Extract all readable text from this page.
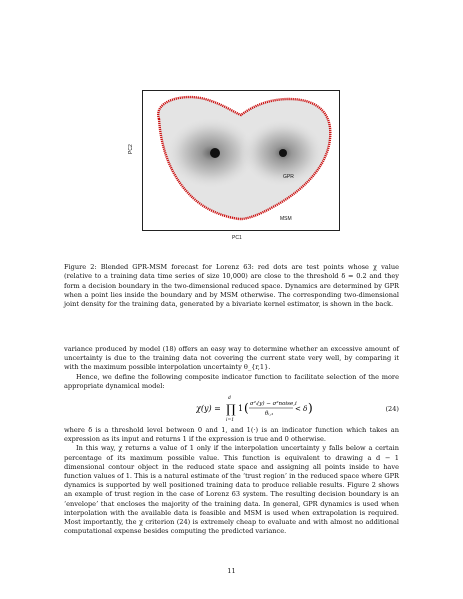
PC2
PC1
GPR
MSM
Figure 2: Blended GPR-MSM forecast for Lorenz 63: red dots are test points whose χ value (relative to a training data time series of size 10,000) are close to the threshold δ = 0.2 and they form a decision boundary in the two-dimensional reduced space. Dynamics are determined by GPR when a point lies inside the boundary and by MSM otherwise. The corresponding two-dimensional joint density for the training data, generated by a bivariate kernel estimator, is shown in the back.

variance produced by model (18) offers an easy way to determine whether an excessive amount of uncertainty is due to the training data not covering the current state very well, by comparing it with the maximum possible interpolation uncertainty θ_{r,1}.

Hence, we define the following composite indicator function to facilitate selection of the more appropriate dynamical model:

χ(y) = ∏
d
i=1
1 ( σ²ᵢ(y) − σ²noise,i
θᵢ,₁
< δ )	(24)

where δ is a threshold level between 0 and 1, and 1(·) is an indicator function which takes an expression as its input and returns 1 if the expression is true and 0 otherwise.

In this way, χ returns a value of 1 only if the interpolation uncertainty y falls below a certain percentage of its maximum possible value. This function is equivalent to drawing a d − 1 dimensional contour object in the reduced state space and assigning all points inside to have function values of 1. This is a natural estimate of the ‘trust region’ in the reduced space where GPR dynamics is supported by well positioned training data to produce reliable results. Figure 2 shows an example of trust region in the case of Lorenz 63 system. The resulting decision boundary is an ‘envelope’ that encloses the majority of the training data. In general, GPR dynamics is used when interpolation with the available data is feasible and MSM is used when extrapolation is required. Most importantly, the χ criterion (24) is extremely cheap to evaluate and with almost no additional computational expense besides computing the predicted variance.

11
